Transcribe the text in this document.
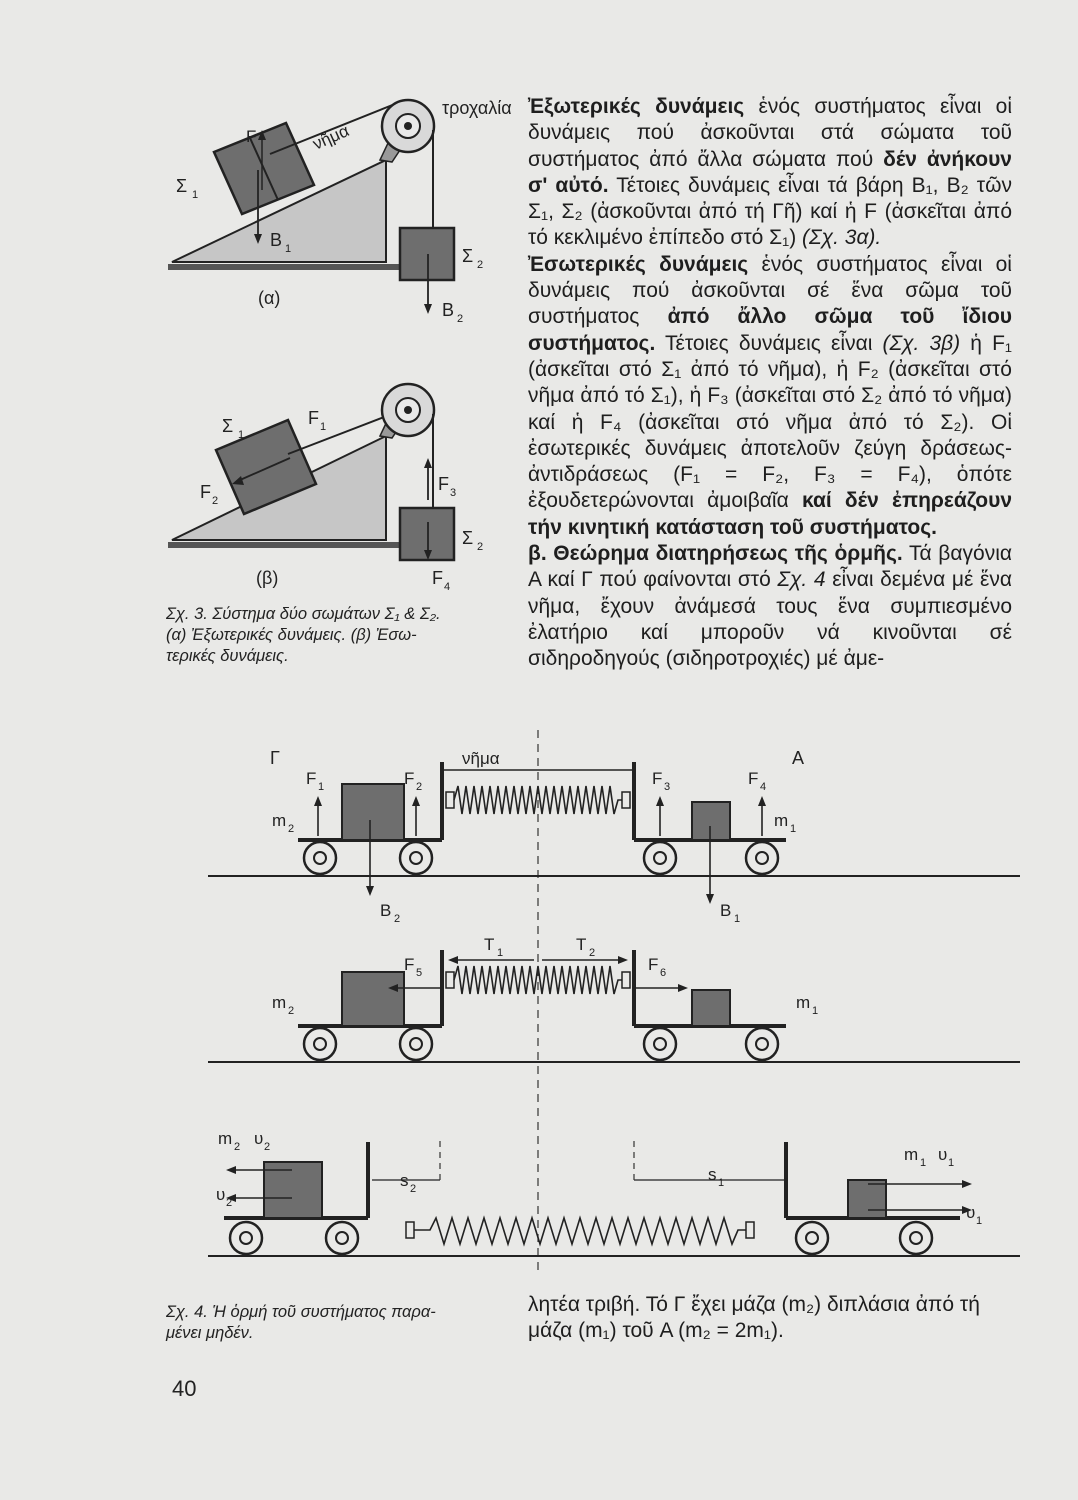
τροχαλία
νῆμα
F
Σ 1
B 1	Σ 2
B 2
(α)
Σ 1
F 1
F 2
F 3
Σ 2
F 4
(β)
Σχ. 3. Σύστημα δύο σωμάτων Σ₁ & Σ₂.
(α) Ἐξωτερικές δυνάμεις. (β) Ἐσω-
τερικές δυνάμεις.

Ἐξωτερικές δυνάμεις ἑνός συστήματος εἶναι οἱ δυνάμεις πού ἀσκοῦνται στά σώματα τοῦ συστήματος ἀπό ἄλλα σώματα πού δέν ἀνήκουν σ' αὐτό. Τέτοιες δυνάμεις εἶναι τά βάρη B₁, B₂ τῶν Σ₁, Σ₂ (ἀσκοῦνται ἀπό τή Γῆ) καί ἡ F (ἀσκεῖται ἀπό τό κεκλιμένο ἐπίπεδο στό Σ₁) (Σχ. 3α).

Ἐσωτερικές δυνάμεις ἑνός συστήματος εἶναι οἱ δυνάμεις πού ἀσκοῦνται σέ ἕνα σῶμα τοῦ συστήματος ἀπό ἄλλο σῶμα τοῦ ἴδιου συστήματος. Τέτοιες δυνάμεις εἶναι (Σχ. 3β) ἡ F₁ (ἀσκεῖται στό Σ₁ ἀπό τό νῆμα), ἡ F₂ (ἀσκεῖται στό νῆμα ἀπό τό Σ₁), ἡ F₃ (ἀσκεῖται στό Σ₂ ἀπό τό νῆμα) καί ἡ F₄ (ἀσκεῖται στό νῆμα ἀπό τό Σ₂). Οἱ ἐσωτερικές δυνάμεις ἀποτελοῦν ζεύγη δράσεως-ἀντιδράσεως (F₁ = F₂, F₃ = F₄), ὁπότε ἐξουδετερώνονται ἀμοιβαῖα καί δέν ἐπηρεάζουν τήν κινητική κατάσταση τοῦ συστήματος.

β. Θεώρημα διατηρήσεως τῆς ὁρμῆς. Τά βαγόνια A καί Γ πού φαίνονται στό Σχ. 4 εἶναι δεμένα μέ ἕνα νῆμα, ἔχουν ἀνάμεσά τους ἕνα συμπιεσμένο ἐλατήριο καί μποροῦν νά κινοῦνται σέ σιδηροδηγούς (σιδηροτροχιές) μέ ἀμε-

Γ	νῆμα	A
F 1	F 2	F 3	F 4
m 2	m 1
B 2	B 1
T 1	T 2
F 5	F 6
m 2	m 1
m 2 υ 2
υ 2
s 2
s 1
m 1 υ 1
υ 1
Σχ. 4. Ἡ ὁρμή τοῦ συστήματος παρα-
μένει μηδέν.
λητέα τριβή. Τό Γ ἔχει μάζα (m₂) διπλάσια ἀπό τή μάζα (m₁) τοῦ A (m₂ = 2m₁).
40
